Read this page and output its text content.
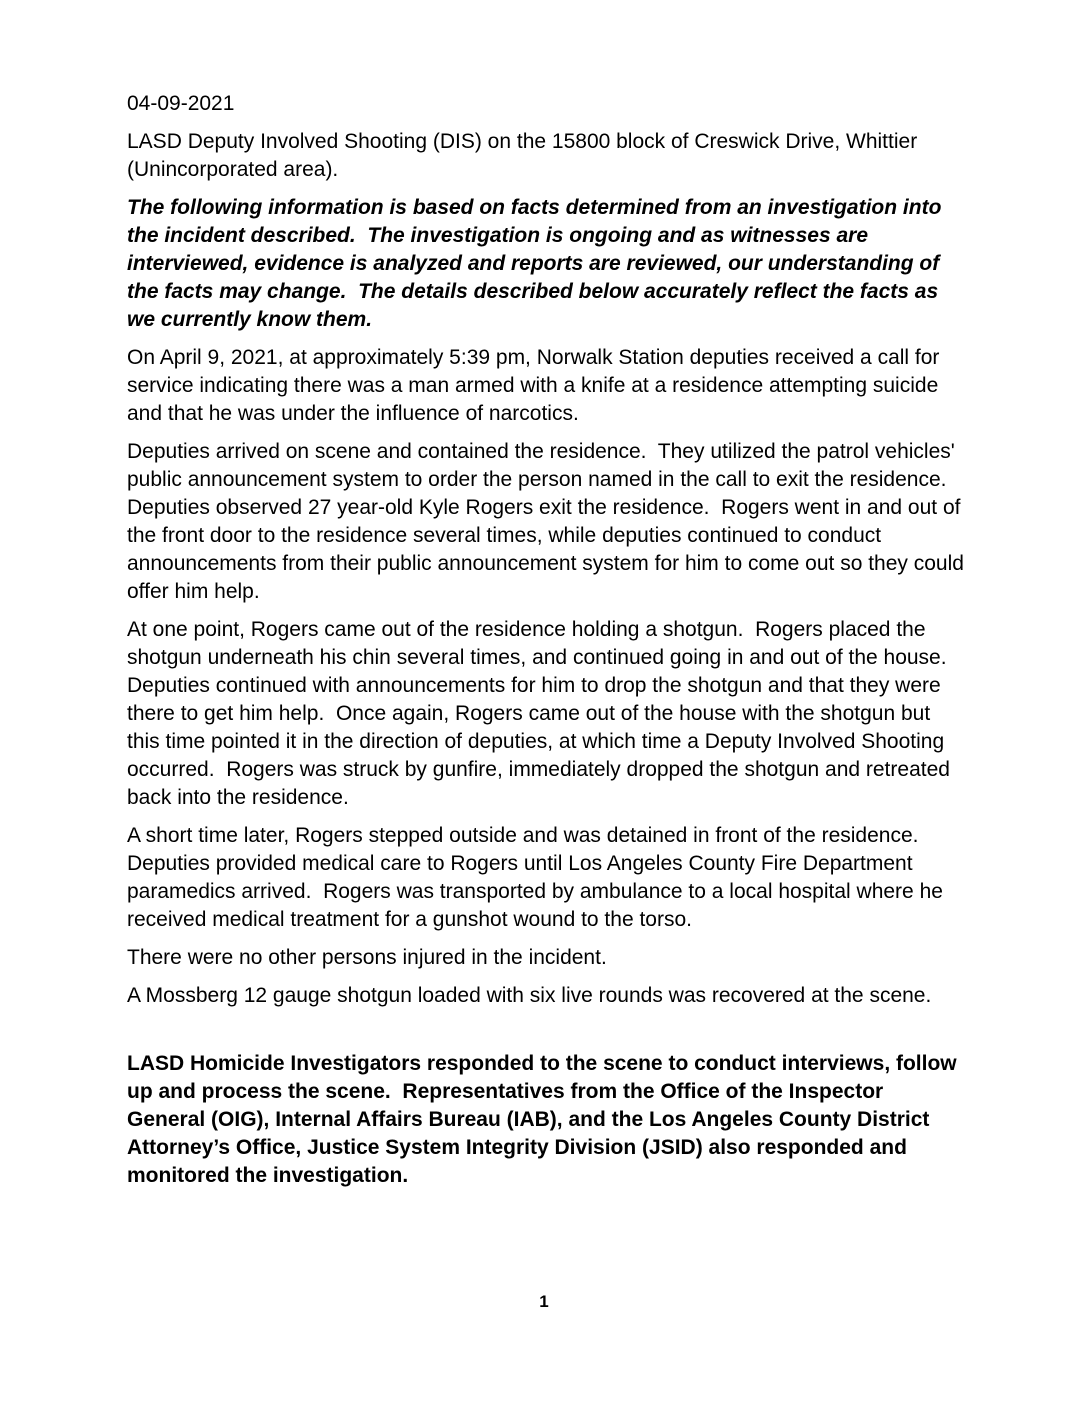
04-09-2021

LASD Deputy Involved Shooting (DIS) on the 15800 block of Creswick Drive, Whittier (Unincorporated area).

The following information is based on facts determined from an investigation into the incident described.  The investigation is ongoing and as witnesses are interviewed, evidence is analyzed and reports are reviewed, our understanding of the facts may change.  The details described below accurately reflect the facts as we currently know them.

On April 9, 2021, at approximately 5:39 pm, Norwalk Station deputies received a call for service indicating there was a man armed with a knife at a residence attempting suicide and that he was under the influence of narcotics.

Deputies arrived on scene and contained the residence.  They utilized the patrol vehicles' public announcement system to order the person named in the call to exit the residence.  Deputies observed 27 year-old Kyle Rogers exit the residence.  Rogers went in and out of the front door to the residence several times, while deputies continued to conduct announcements from their public announcement system for him to come out so they could offer him help.

At one point, Rogers came out of the residence holding a shotgun.  Rogers placed the shotgun underneath his chin several times, and continued going in and out of the house.  Deputies continued with announcements for him to drop the shotgun and that they were there to get him help.  Once again, Rogers came out of the house with the shotgun but this time pointed it in the direction of deputies, at which time a Deputy Involved Shooting occurred.  Rogers was struck by gunfire, immediately dropped the shotgun and retreated back into the residence.

A short time later, Rogers stepped outside and was detained in front of the residence.  Deputies provided medical care to Rogers until Los Angeles County Fire Department paramedics arrived.  Rogers was transported by ambulance to a local hospital where he received medical treatment for a gunshot wound to the torso.

There were no other persons injured in the incident.

A Mossberg 12 gauge shotgun loaded with six live rounds was recovered at the scene.

LASD Homicide Investigators responded to the scene to conduct interviews, follow up and process the scene.  Representatives from the Office of the Inspector General (OIG), Internal Affairs Bureau (IAB), and the Los Angeles County District Attorney’s Office, Justice System Integrity Division (JSID) also responded and monitored the investigation.

1
